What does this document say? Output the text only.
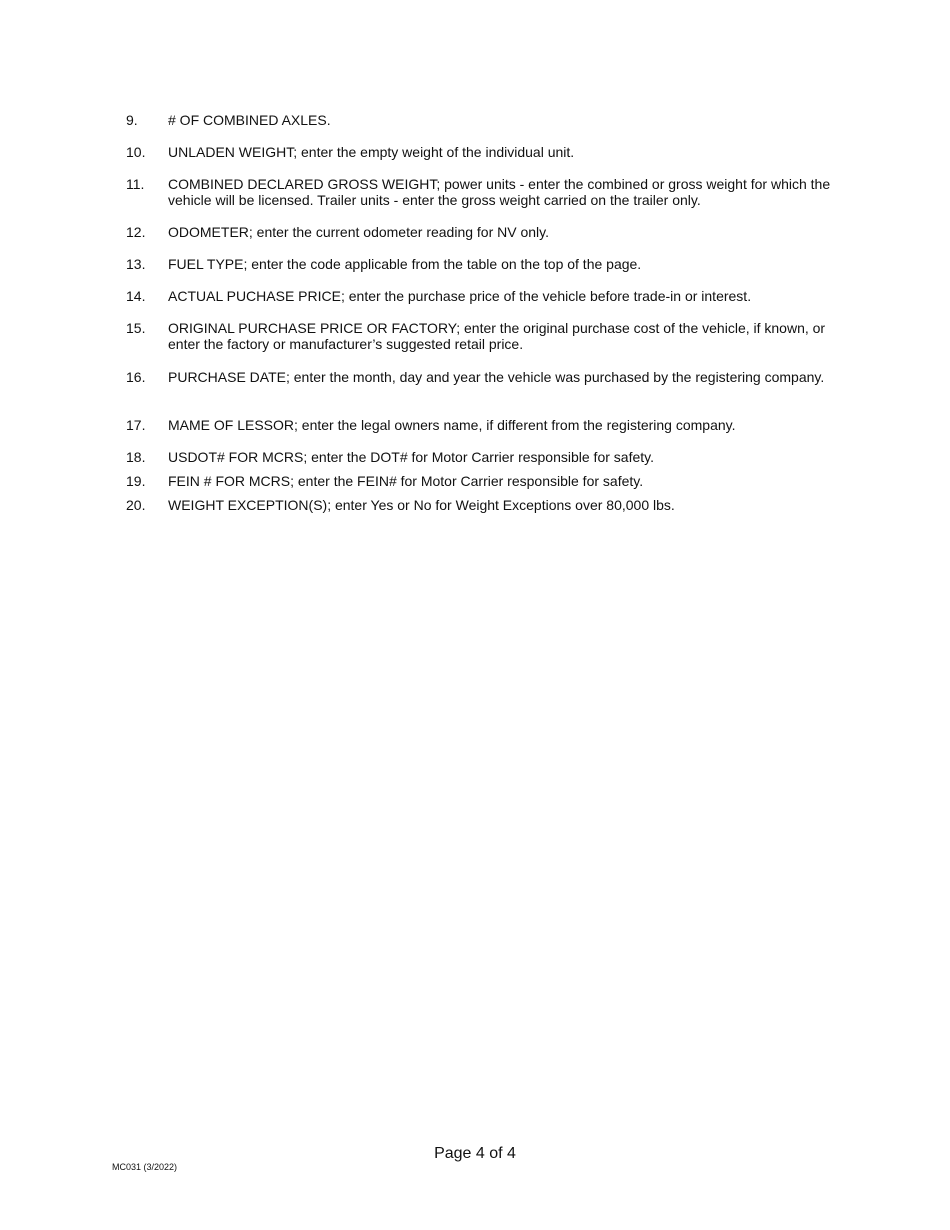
9. # OF COMBINED AXLES.
10. UNLADEN WEIGHT; enter the empty weight of the individual unit.
11. COMBINED DECLARED GROSS WEIGHT; power units - enter the combined or gross weight for which the
vehicle will be licensed. Trailer units - enter the gross weight carried on the trailer only.
12. ODOMETER; enter the current odometer reading for NV only.
13. FUEL TYPE; enter the code applicable from the table on the top of the page.
14. ACTUAL PUCHASE PRICE; enter the purchase price of the vehicle before trade-in or interest.
15. ORIGINAL PURCHASE PRICE OR FACTORY; enter the original purchase cost of the vehicle, if known, or
enter the factory or manufacturer’s suggested retail price.
16. PURCHASE DATE; enter the month, day and year the vehicle was purchased by the registering company.
17. MAME OF LESSOR; enter the legal owners name, if different from the registering company.
18. USDOT# FOR MCRS; enter the DOT# for Motor Carrier responsible for safety.
19. FEIN # FOR MCRS; enter the FEIN# for Motor Carrier responsible for safety.
20. WEIGHT EXCEPTION(S); enter Yes or No for Weight Exceptions over 80,000 lbs.
Page 4 of 4
MC031 (3/2022)
